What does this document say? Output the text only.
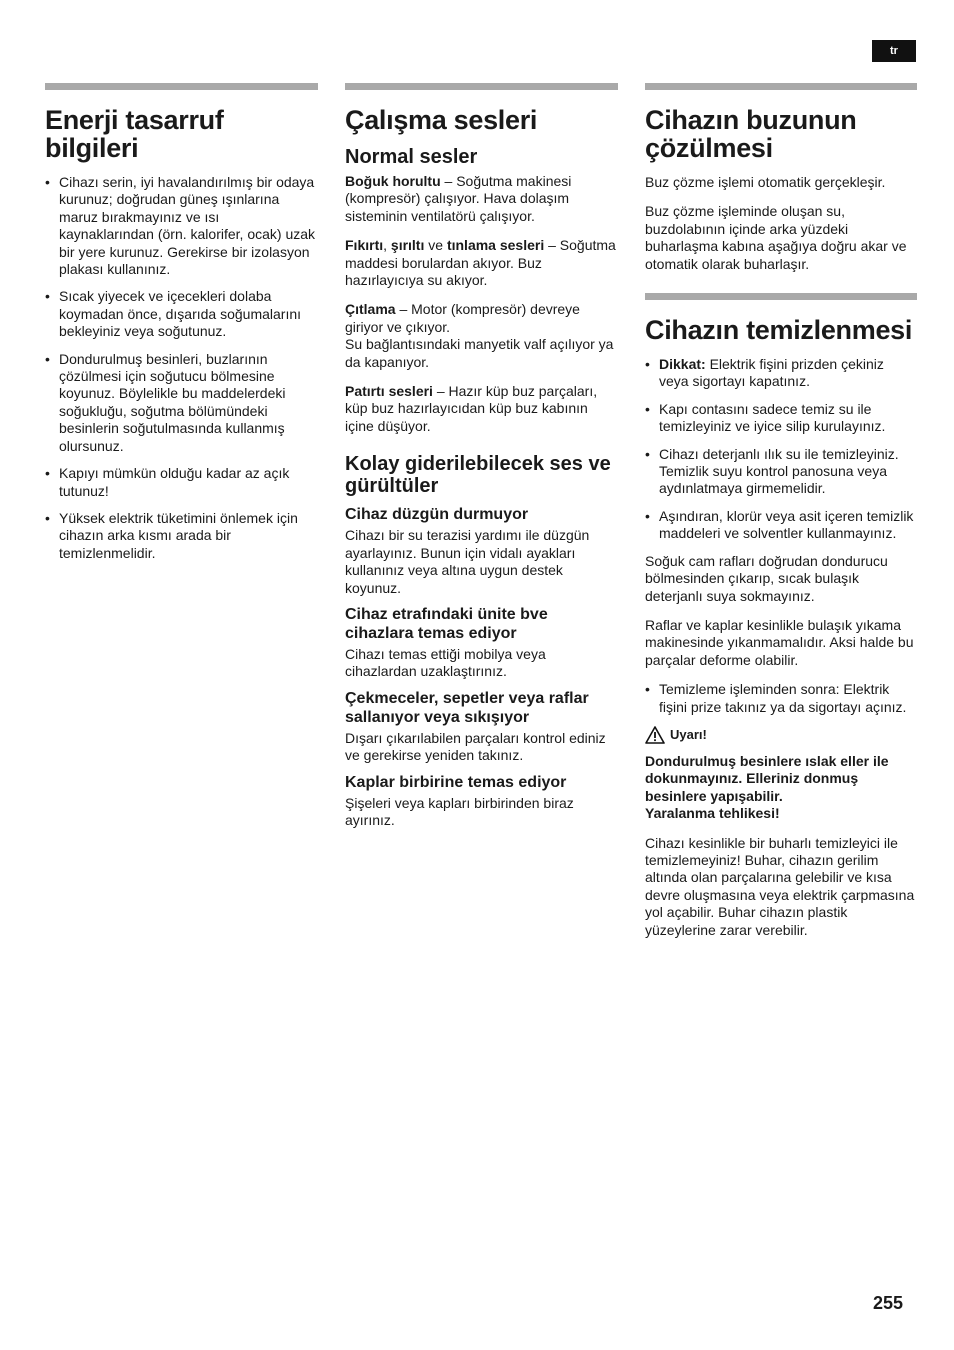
tr
Enerji tasarruf bilgileri
• Cihazı serin, iyi havalandırılmış bir odaya kurunuz; doğrudan güneş ışınlarına maruz bırakmayınız ve ısı kaynaklarından (örn. kalorifer, ocak) uzak bir yere kurunuz. Gerekirse bir izolasyon plakası kullanınız.
• Sıcak yiyecek ve içecekleri dolaba koymadan önce, dışarıda soğumalarını bekleyiniz veya soğutunuz.
• Dondurulmuş besinleri, buzlarının çözülmesi için soğutucu bölmesine koyunuz. Böylelikle bu maddelerdeki soğukluğu, soğutma bölümündeki besinlerin soğutulmasında kullanmış olursunuz.
• Kapıyı mümkün olduğu kadar az açık tutunuz!
• Yüksek elektrik tüketimini önlemek için cihazın arka kısmı arada bir temizlenmelidir.
Çalışma sesleri
Normal sesler

Boğuk horultu – Soğutma makinesi (kompresör) çalışıyor. Hava dolaşım sisteminin ventilatörü çalışıyor.

Fıkırtı, şırıltı ve tınlama sesleri – Soğutma maddesi borulardan akıyor. Buz hazırlayıcıya su akıyor.

Çıtlama – Motor (kompresör) devreye giriyor ve çıkıyor.
Su bağlantısındaki manyetik valf açılıyor ya da kapanıyor.

Patırtı sesleri – Hazır küp buz parçaları, küp buz hazırlayıcıdan küp buz kabının içine düşüyor.

Kolay giderilebilecek ses ve gürültüler
Cihaz düzgün durmuyor

Cihazı bir su terazisi yardımı ile düzgün ayarlayınız. Bunun için vidalı ayakları kullanınız veya altına uygun destek koyunuz.

Cihaz etrafındaki ünite bve cihazlara temas ediyor

Cihazı temas ettiği mobilya veya cihazlardan uzaklaştırınız.

Çekmeceler, sepetler veya raflar sallanıyor veya sıkışıyor

Dışarı çıkarılabilen parçaları kontrol ediniz ve gerekirse yeniden takınız.

Kaplar birbirine temas ediyor

Şişeleri veya kapları birbirinden biraz ayırınız.

Cihazın buzunun çözülmesi

Buz çözme işlemi otomatik gerçekleşir.

Buz çözme işleminde oluşan su, buzdolabının içinde arka yüzdeki buharlaşma kabına aşağıya doğru akar ve otomatik olarak buharlaşır.

Cihazın temizlenmesi
• Dikkat: Elektrik fişini prizden çekiniz veya sigortayı kapatınız.
• Kapı contasını sadece temiz su ile temizleyiniz ve iyice silip kurulayınız.
• Cihazı deterjanlı ılık su ile temizleyiniz. Temizlik suyu kontrol panosuna veya aydınlatmaya girmemelidir.
• Aşındıran, klorür veya asit içeren temizlik maddeleri ve solventler kullanmayınız.

Soğuk cam rafları doğrudan dondurucu bölmesinden çıkarıp, sıcak bulaşık deterjanlı suya sokmayınız.

Raflar ve kaplar kesinlikle bulaşık yıkama makinesinde yıkanmamalıdır. Aksi halde bu parçalar deforme olabilir.

• Temizleme işleminden sonra: Elektrik fişini prize takınız ya da sigortayı açınız.
Uyarı!

Dondurulmuş besinlere ıslak eller ile dokunmayınız. Elleriniz donmuş besinlere yapışabilir.
Yaralanma tehlikesi!

Cihazı kesinlikle bir buharlı temizleyici ile temizlemeyiniz! Buhar, cihazın gerilim altında olan parçalarına gelebilir ve kısa devre oluşmasına veya elektrik çarpmasına yol açabilir. Buhar cihazın plastik yüzeylerine zarar verebilir.

255
